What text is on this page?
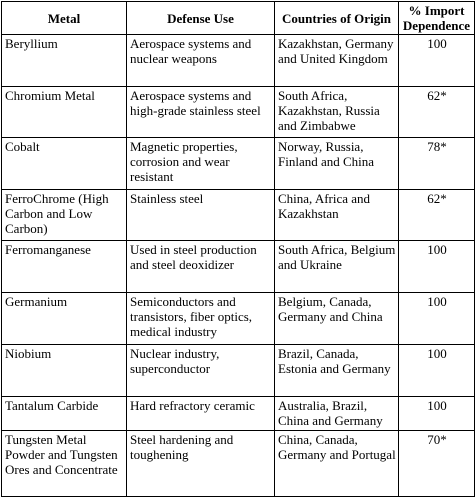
Metal	Defense Use	Countries of Origin	% Import Dependence
Beryllium	Aerospace systems and nuclear weapons	Kazakhstan, Germany and United Kingdom	100
Chromium Metal	Aerospace systems and high-grade stainless steel	South Africa, Kazakhstan, Russia and Zimbabwe	62*
Cobalt	Magnetic properties, corrosion and wear resistant	Norway, Russia, Finland and China	78*
FerroChrome (High Carbon and Low Carbon)	Stainless steel	China, Africa and Kazakhstan	62*
Ferromanganese	Used in steel production and steel deoxidizer	South Africa, Belgium and Ukraine	100
Germanium	Semiconductors and transistors, fiber optics, medical industry	Belgium, Canada, Germany and China	100
Niobium	Nuclear industry, superconductor	Brazil, Canada, Estonia and Germany	100
Tantalum Carbide	Hard refractory ceramic	Australia, Brazil, China and Germany	100
Tungsten Metal Powder and Tungsten Ores and Concentrate	Steel hardening and toughening	China, Canada, Germany and Portugal	70*
